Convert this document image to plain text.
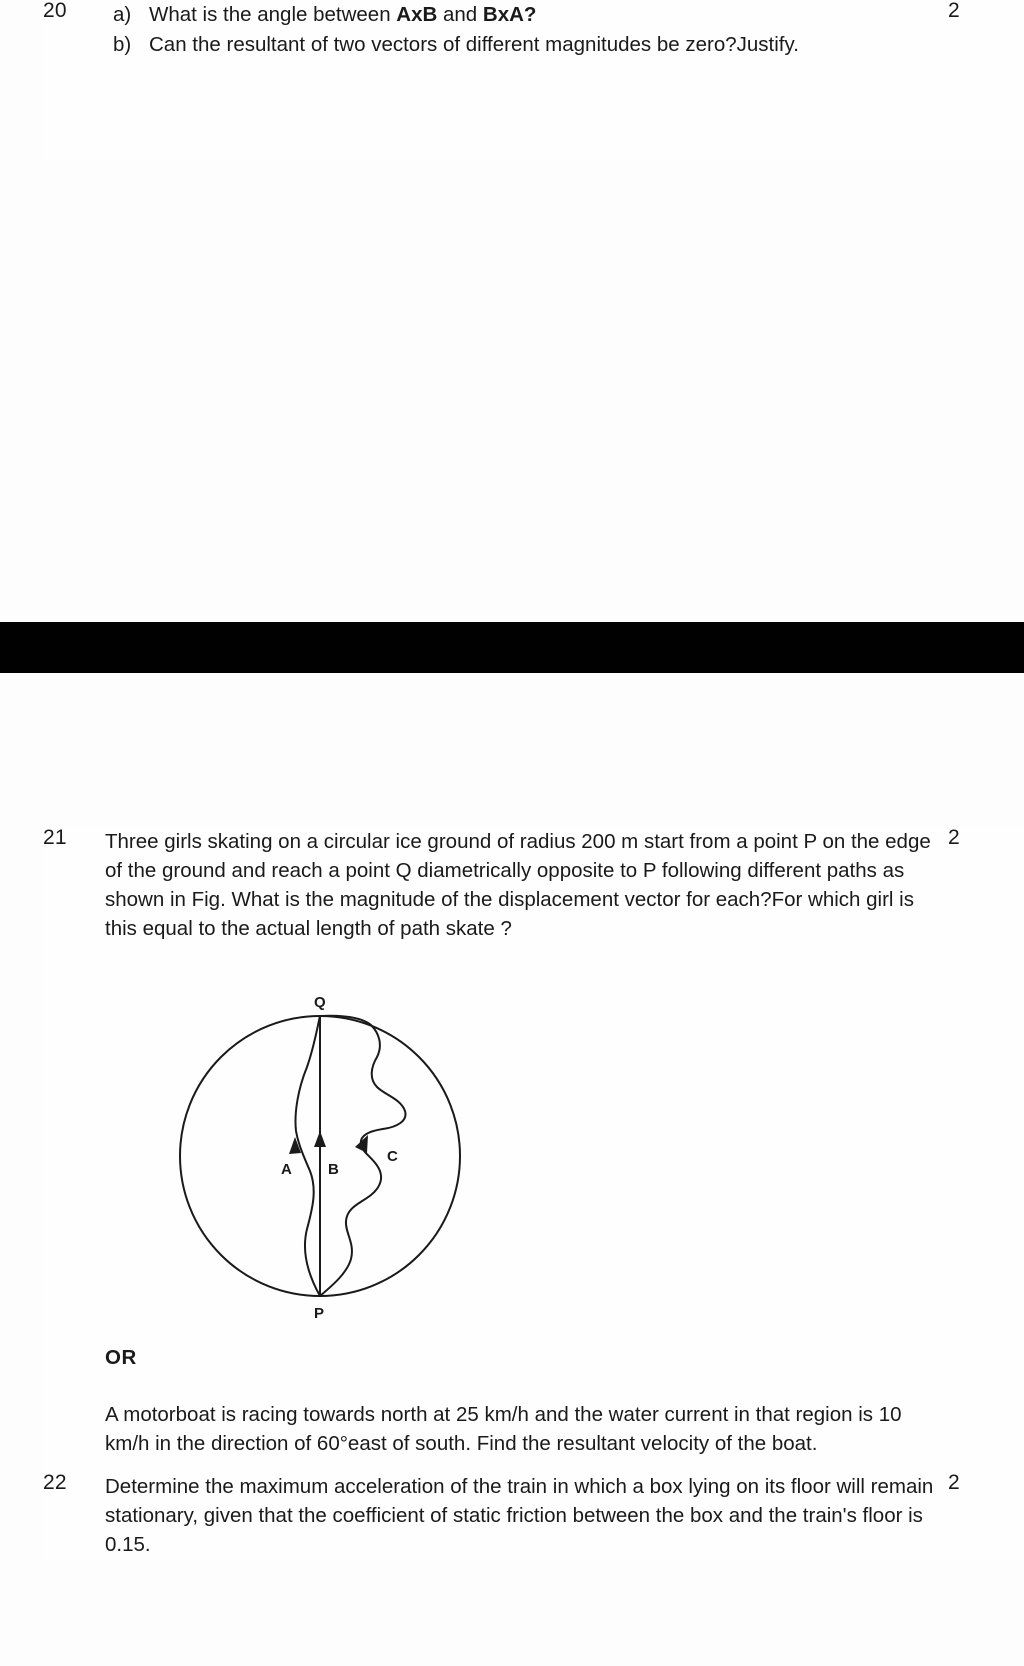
20	a) What is the angle between AxB and BxA?
b) Can the resultant of two vectors of different magnitudes be zero?Justify.
	2
21	Three girls skating on a circular ice ground of radius 200 m start from a point P on the edge of the ground and reach a point Q diametrically opposite to P following different paths as shown in Fig. What is the magnitude of the displacement vector for each?For which girl is this equal to the actual length of path skate ?

Q
P
A B
C
OR

A motorboat is racing towards north at 25 km/h and the water current in that region is 10 km/h in the direction of 60°east of south. Find the resultant velocity of the boat.

	2
22	Determine the maximum acceleration of the train in which a box lying on its floor will remain stationary, given that the coefficient of static friction between the box and the train's floor is 0.15.	2
